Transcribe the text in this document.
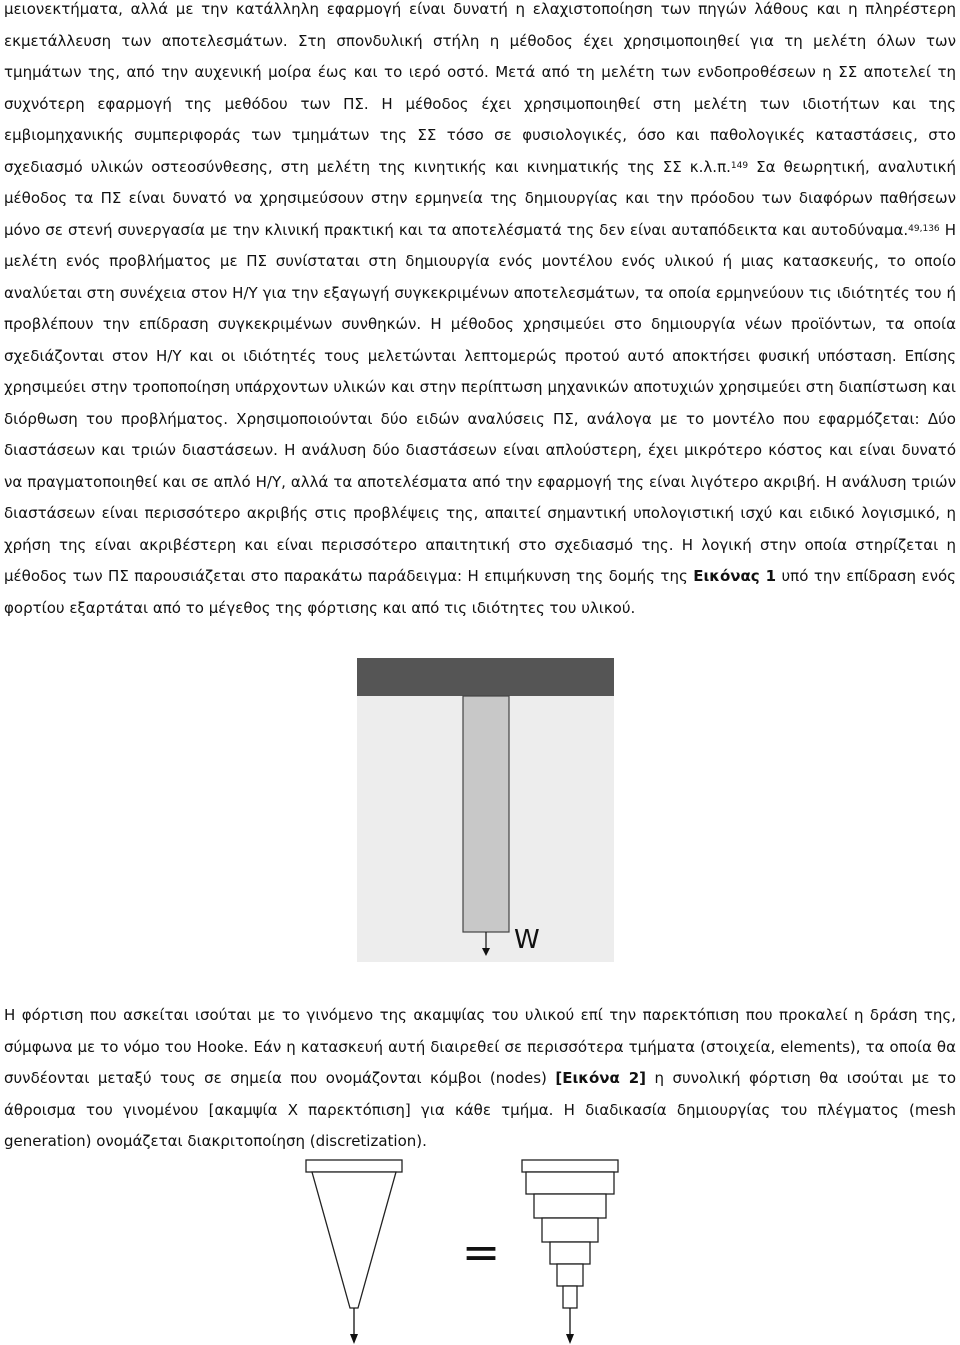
μειονεκτήματα, αλλά με την κατάλληλη εφαρμογή είναι δυνατή η ελαχιστοποίηση των πηγών λάθους και η πληρέστερη εκμετάλλευση των αποτελεσμάτων. Στη σπονδυλική στήλη η μέθοδος έχει χρησιμοποιηθεί για τη μελέτη όλων των τμημάτων της, από την αυχενική μοίρα έως και το ιερό οστό. Μετά από τη μελέτη των ενδοπροθέσεων η ΣΣ αποτελεί τη συχνότερη εφαρμογή της μεθόδου των ΠΣ. Η μέθοδος έχει χρησιμοποιηθεί στη μελέτη των ιδιοτήτων και της εμβιομηχανικής συμπεριφοράς των τμημάτων της ΣΣ τόσο σε φυσιολογικές, όσο και παθολογικές καταστάσεις, στο σχεδιασμό υλικών οστεοσύνθεσης, στη μελέτη της κινητικής και κινηματικής της ΣΣ κ.λ.π.$^{149}$ Σα θεωρητική, αναλυτική μέθοδος τα ΠΣ είναι δυνατό να χρησιμεύσουν στην ερμηνεία της δημιουργίας και την πρόοδου των διαφόρων παθήσεων μόνο σε στενή συνεργασία με την κλινική πρακτική και τα αποτελέσματά της δεν είναι αυταπόδεικτα και αυτοδύναμα.$^{49,136}$ Η μελέτη ενός προβλήματος με ΠΣ συνίσταται στη δημιουργία ενός μοντέλου ενός υλικού ή μιας κατασκευής, το οποίο αναλύεται στη συνέχεια στον Η/Υ για την εξαγωγή συγκεκριμένων αποτελεσμάτων, τα οποία ερμηνεύουν τις ιδιότητές του ή προβλέπουν την επίδραση συγκεκριμένων συνθηκών. Η μέθοδος χρησιμεύει στο δημιουργία νέων προϊόντων, τα οποία σχεδιάζονται στον Η/Υ και οι ιδιότητές τους μελετώνται λεπτομερώς προτού αυτό αποκτήσει φυσική υπόσταση. Επίσης χρησιμεύει στην τροποποίηση υπάρχοντων υλικών και στην περίπτωση μηχανικών αποτυχιών χρησιμεύει στη διαπίστωση και διόρθωση του προβλήματος. Χρησιμοποιούνται δύο ειδών αναλύσεις ΠΣ, ανάλογα με το μοντέλο που εφαρμόζεται: Δύο διαστάσεων και τριών διαστάσεων. Η ανάλυση δύο διαστάσεων είναι απλούστερη, έχει μικρότερο κόστος και είναι δυνατό να πραγματοποιηθεί και σε απλό Η/Υ, αλλά τα αποτελέσματα από την εφαρμογή της είναι λιγότερο ακριβή. Η ανάλυση τριών διαστάσεων είναι περισσότερο ακριβής στις προβλέψεις της, απαιτεί σημαντική υπολογιστική ισχύ και ειδικό λογισμικό, η χρήση της είναι ακριβέστερη και είναι περισσότερο απαιτητική στο σχεδιασμό της. Η λογική στην οποία στηρίζεται η μέθοδος των ΠΣ παρουσιάζεται στο παρακάτω παράδειγμα: Η επιμήκυνση της δομής της Εικόνας 1 υπό την επίδραση ενός φορτίου εξαρτάται από το μέγεθος της φόρτισης και από τις ιδιότητες του υλικού.

W

Η φόρτιση που ασκείται ισούται με το γινόμενο της ακαμψίας του υλικού επί την παρεκτόπιση που προκαλεί η δράση της, σύμφωνα με το νόμο του Hooke. Εάν η κατασκευή αυτή διαιρεθεί σε περισσότερα τμήματα (στοιχεία, elements), τα οποία θα συνδέονται μεταξύ τους σε σημεία που ονομάζονται κόμβοι (nodes) [Εικόνα 2] η συνολική φόρτιση θα ισούται με το άθροισμα του γινομένου [ακαμψία Χ παρεκτόπιση] για κάθε τμήμα. Η διαδικασία δημιουργίας του πλέγματος (mesh generation) ονομάζεται διακριτοποίηση (discretization).

=
